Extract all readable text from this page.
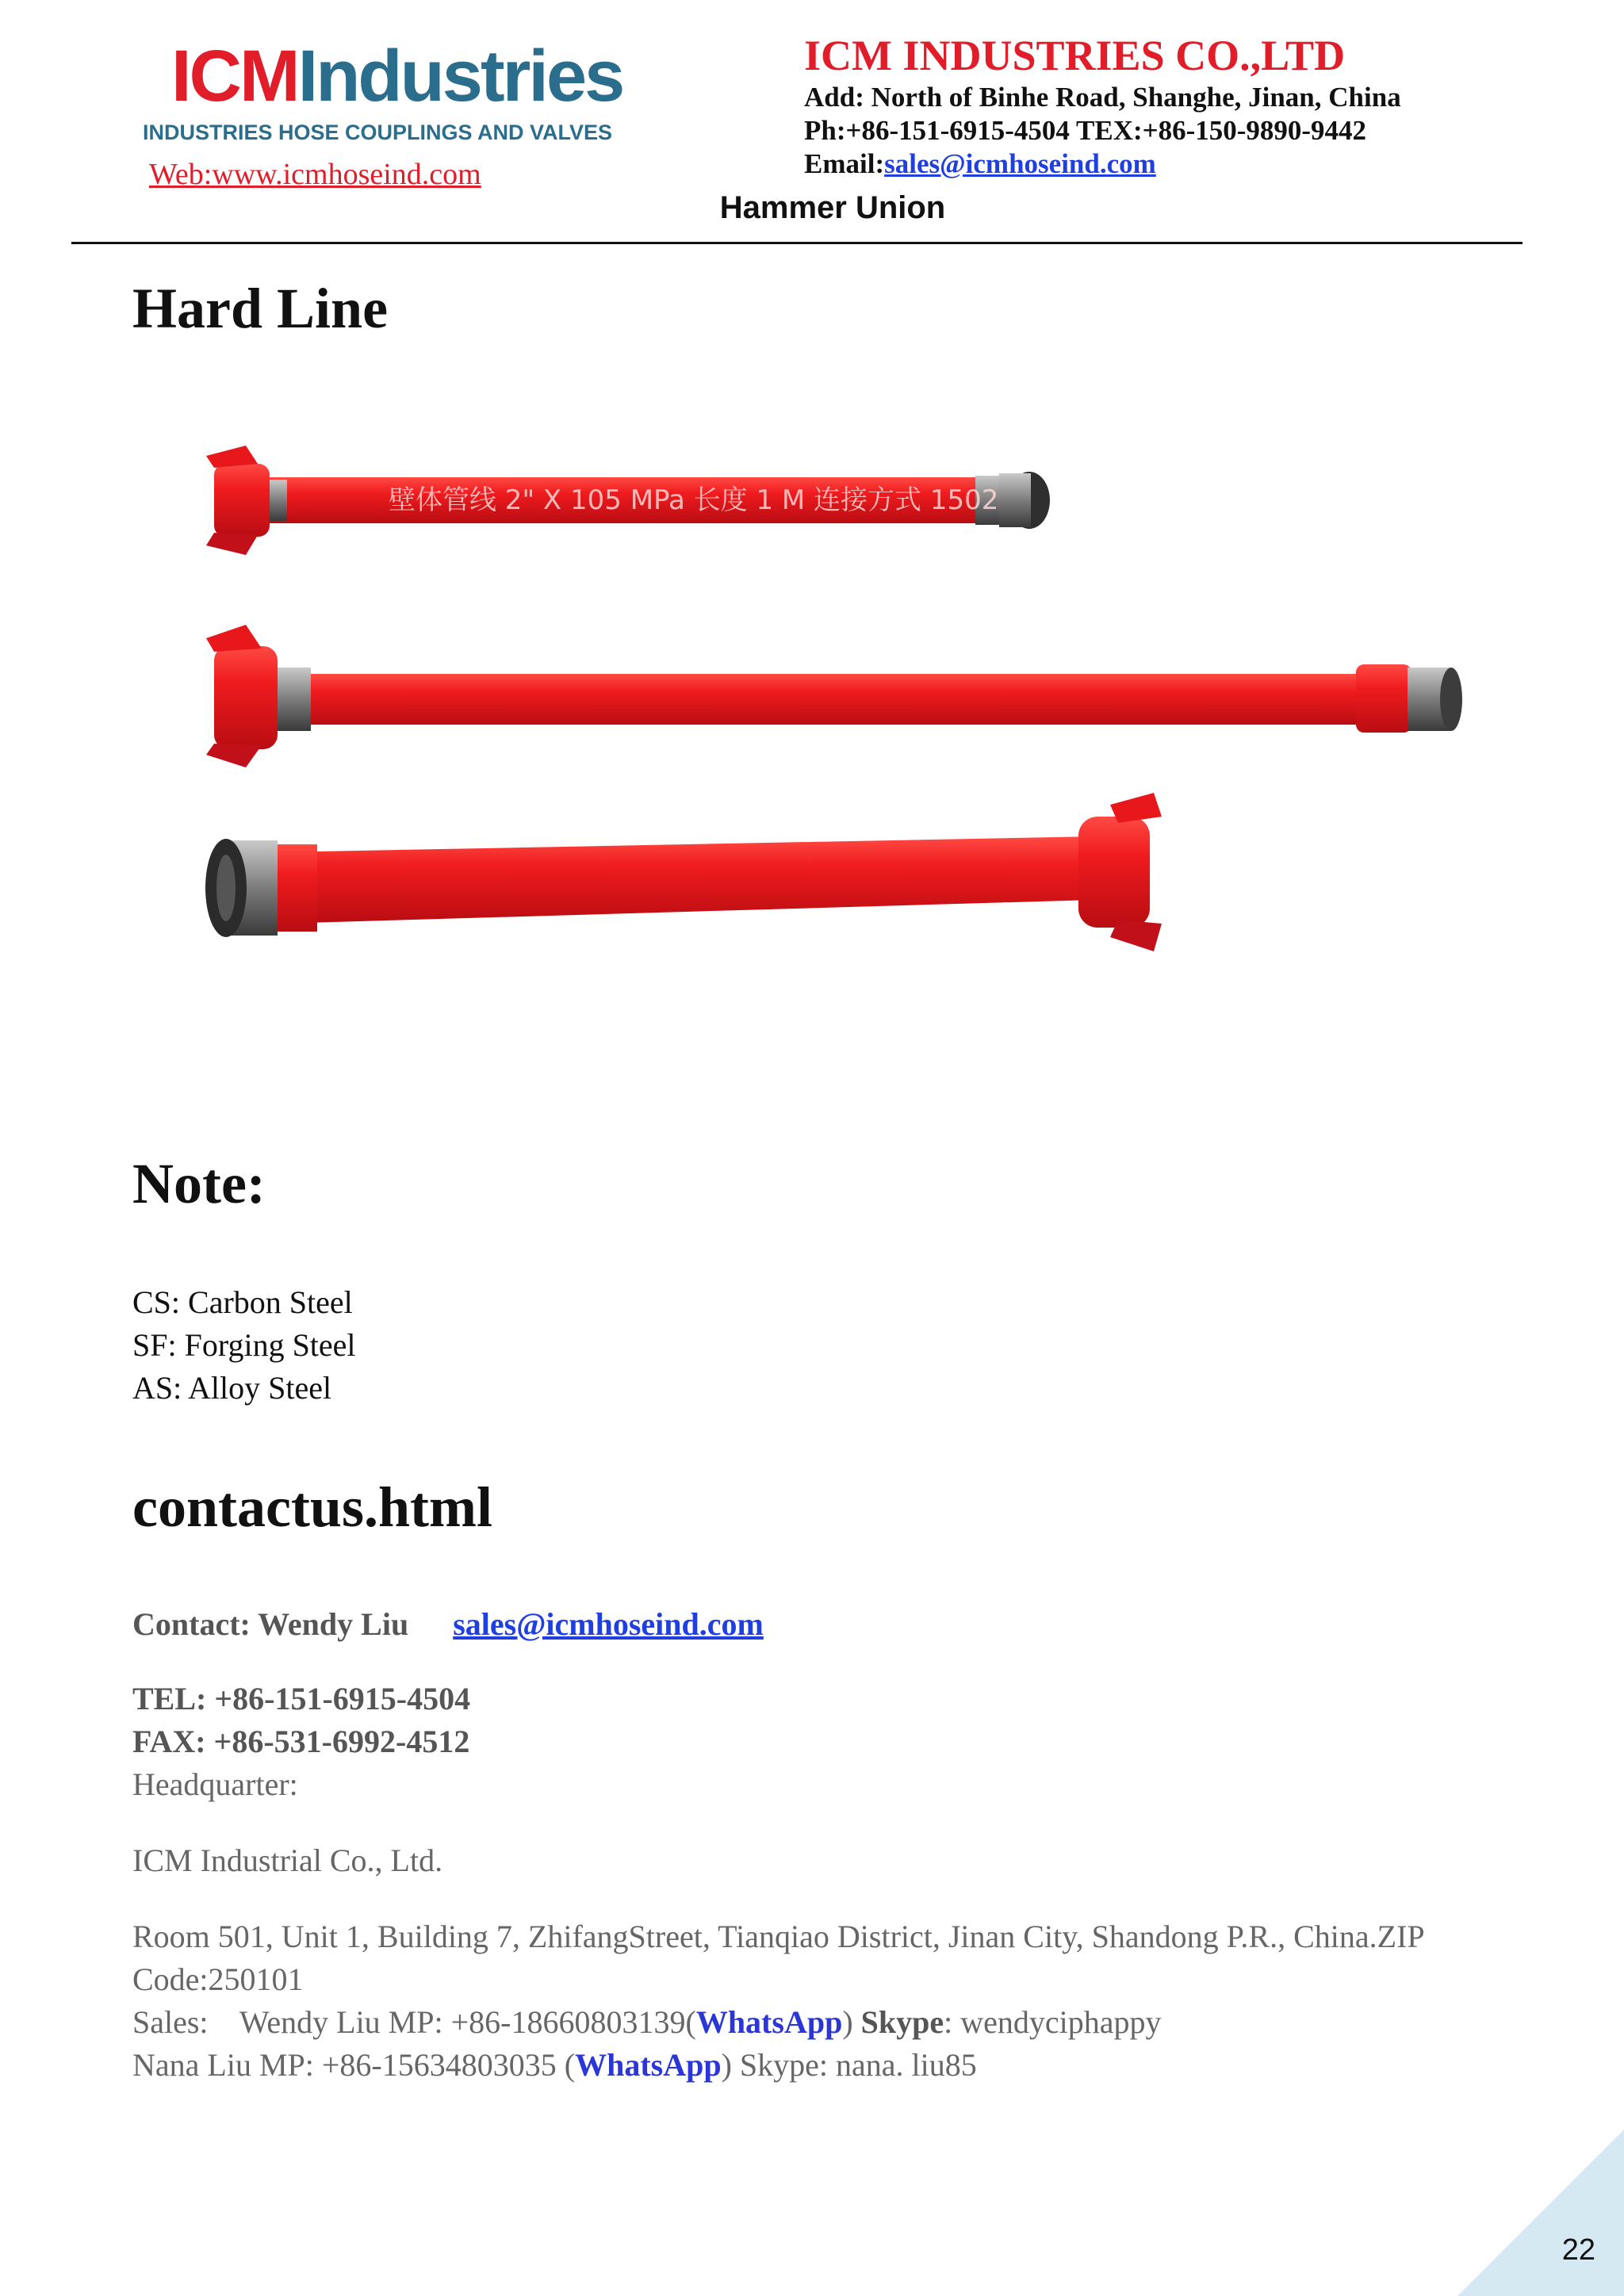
ICMIndustries
INDUSTRIES HOSE COUPLINGS AND VALVES
Web:www.icmhoseind.com
ICM INDUSTRIES CO.,LTD
Add: North of Binhe Road, Shanghe, Jinan, China
Ph:+86-151-6915-4504 TEX:+86-150-9890-9442
Email:sales@icmhoseind.com
Hammer Union
Hard Line
壁体管线 2" X 105 MPa 长度 1 M 连接方式 1502
Note:
CS: Carbon Steel
SF: Forging Steel
AS: Alloy Steel
contactus.html
Contact: Wendy Liu sales@icmhoseind.com
TEL: +86-151-6915-4504
FAX: +86-531-6992-4512
Headquarter:
ICM Industrial Co., Ltd.
Room 501, Unit 1, Building 7, ZhifangStreet, Tianqiao District, Jinan City, Shandong P.R., China.ZIP
Code:250101
Sales:    Wendy Liu MP: +86-18660803139(WhatsApp) Skype: wendyciphappy
Nana Liu MP: +86-15634803035 (WhatsApp) Skype: nana. liu85
22
